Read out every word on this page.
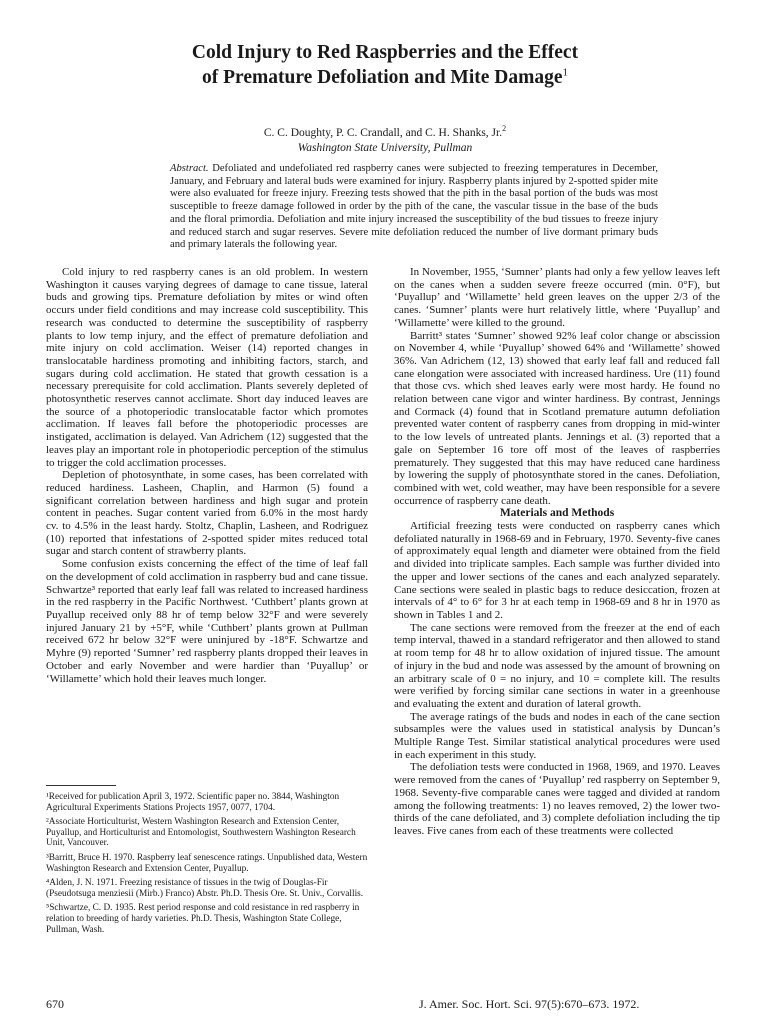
Cold Injury to Red Raspberries and the Effect
of Premature Defoliation and Mite Damage$^1$
C. C. Doughty, P. C. Crandall, and C. H. Shanks, Jr.$^2$
Washington State University, Pullman
Abstract. Defoliated and undefoliated red raspberry canes were subjected to freezing temperatures in December, January, and February and lateral buds were examined for injury. Raspberry plants injured by 2-spotted spider mite were also evaluated for freeze injury. Freezing tests showed that the pith in the basal portion of the buds was most susceptible to freeze damage followed in order by the pith of the cane, the vascular tissue in the base of the buds and the floral primordia. Defoliation and mite injury increased the susceptibility of the bud tissues to freeze injury and reduced starch and sugar reserves. Severe mite defoliation reduced the number of live dormant primary buds and primary laterals the following year.

Cold injury to red raspberry canes is an old problem. In western Washington it causes varying degrees of damage to cane tissue, lateral buds and growing tips. Premature defoliation by mites or wind often occurs under field conditions and may increase cold susceptibility. This research was conducted to determine the susceptibility of raspberry plants to low temp injury, and the effect of premature defoliation and mite injury on cold acclimation. Weiser (14) reported changes in translocatable hardiness promoting and inhibiting factors, starch, and sugars during cold acclimation. He stated that growth cessation is a necessary prerequisite for cold acclimation. Plants severely depleted of photosynthetic reserves cannot acclimate. Short day induced leaves are the source of a photoperiodic translocatable factor which promotes acclimation. If leaves fall before the photoperiodic processes are instigated, acclimation is delayed. Van Adrichem (12) suggested that the leaves play an important role in photoperiodic perception of the stimulus to trigger the cold acclimation processes.

Depletion of photosynthate, in some cases, has been correlated with reduced hardiness. Lasheen, Chaplin, and Harmon (5) found a significant correlation between hardiness and high sugar and protein content in peaches. Sugar content varied from 6.0% in the most hardy cv. to 4.5% in the least hardy. Stoltz, Chaplin, Lasheen, and Rodriguez (10) reported that infestations of 2-spotted spider mites reduced total sugar and starch content of strawberry plants.

Some confusion exists concerning the effect of the time of leaf fall on the development of cold acclimation in raspberry bud and cane tissue. Schwartze³ reported that early leaf fall was related to increased hardiness in the red raspberry in the Pacific Northwest. ‘Cuthbert’ plants grown at Puyallup received only 88 hr of temp below 32°F and were severely injured January 21 by +5°F, while ‘Cuthbert’ plants grown at Pullman received 672 hr below 32°F were uninjured by -18°F. Schwartze and Myhre (9) reported ‘Sumner’ red raspberry plants dropped their leaves in October and early November and were hardier than ‘Puyallup’ or ‘Willamette’ which hold their leaves much longer.

In November, 1955, ‘Sumner’ plants had only a few yellow leaves left on the canes when a sudden severe freeze occurred (min. 0°F), but ‘Puyallup’ and ‘Willamette’ held green leaves on the upper 2/3 of the canes. ‘Sumner’ plants were hurt relatively little, where ‘Puyallup’ and ‘Willamette’ were killed to the ground.

Barritt³ states ‘Sumner’ showed 92% leaf color change or abscission on November 4, while ‘Puyallup’ showed 64% and ‘Willamette’ showed 36%. Van Adrichem (12, 13) showed that early leaf fall and reduced fall cane elongation were associated with increased hardiness. Ure (11) found that those cvs. which shed leaves early were most hardy. He found no relation between cane vigor and winter hardiness. By contrast, Jennings and Cormack (4) found that in Scotland premature autumn defoliation prevented water content of raspberry canes from dropping in mid-winter to the low levels of untreated plants. Jennings et al. (3) reported that a gale on September 16 tore off most of the leaves of raspberries prematurely. They suggested that this may have reduced cane hardiness by lowering the supply of photosynthate stored in the canes. Defoliation, combined with wet, cold weather, may have been responsible for a severe occurrence of raspberry cane death.

Materials and Methods

Artificial freezing tests were conducted on raspberry canes which defoliated naturally in 1968-69 and in February, 1970. Seventy-five canes of approximately equal length and diameter were obtained from the field and divided into triplicate samples. Each sample was further divided into the upper and lower sections of the canes and each analyzed separately. Cane sections were sealed in plastic bags to reduce desiccation, frozen at intervals of 4° to 6° for 3 hr at each temp in 1968-69 and 8 hr in 1970 as shown in Tables 1 and 2.

The cane sections were removed from the freezer at the end of each temp interval, thawed in a standard refrigerator and then allowed to stand at room temp for 48 hr to allow oxidation of injured tissue. The amount of injury in the bud and node was assessed by the amount of browning on an arbitrary scale of 0 = no injury, and 10 = complete kill. The results were verified by forcing similar cane sections in water in a greenhouse and evaluating the extent and duration of lateral growth.

The average ratings of the buds and nodes in each of the cane section subsamples were the values used in statistical analysis by Duncan’s Multiple Range Test. Similar statistical analytical procedures were used in each experiment in this study.

The defoliation tests were conducted in 1968, 1969, and 1970. Leaves were removed from the canes of ‘Puyallup’ red raspberry on September 9, 1968. Seventy-five comparable canes were tagged and divided at random among the following treatments: 1) no leaves removed, 2) the lower two-thirds of the cane defoliated, and 3) complete defoliation including the tip leaves. Five canes from each of these treatments were collected

¹Received for publication April 3, 1972. Scientific paper no. 3844, Washington Agricultural Experiments Stations Projects 1957, 0077, 1704.
²Associate Horticulturist, Western Washington Research and Extension Center, Puyallup, and Horticulturist and Entomologist, Southwestern Washington Research Unit, Vancouver.
³Barritt, Bruce H. 1970. Raspberry leaf senescence ratings. Unpublished data, Western Washington Research and Extension Center, Puyallup.
⁴Alden, J. N. 1971. Freezing resistance of tissues in the twig of Douglas-Fir (Pseudotsuga menziesii (Mirb.) Franco) Abstr. Ph.D. Thesis Ore. St. Univ., Corvallis.
⁵Schwartze, C. D. 1935. Rest period response and cold resistance in red raspberry in relation to breeding of hardy varieties. Ph.D. Thesis, Washington State College, Pullman, Wash.
670	J. Amer. Soc. Hort. Sci. 97(5):670–673. 1972.
